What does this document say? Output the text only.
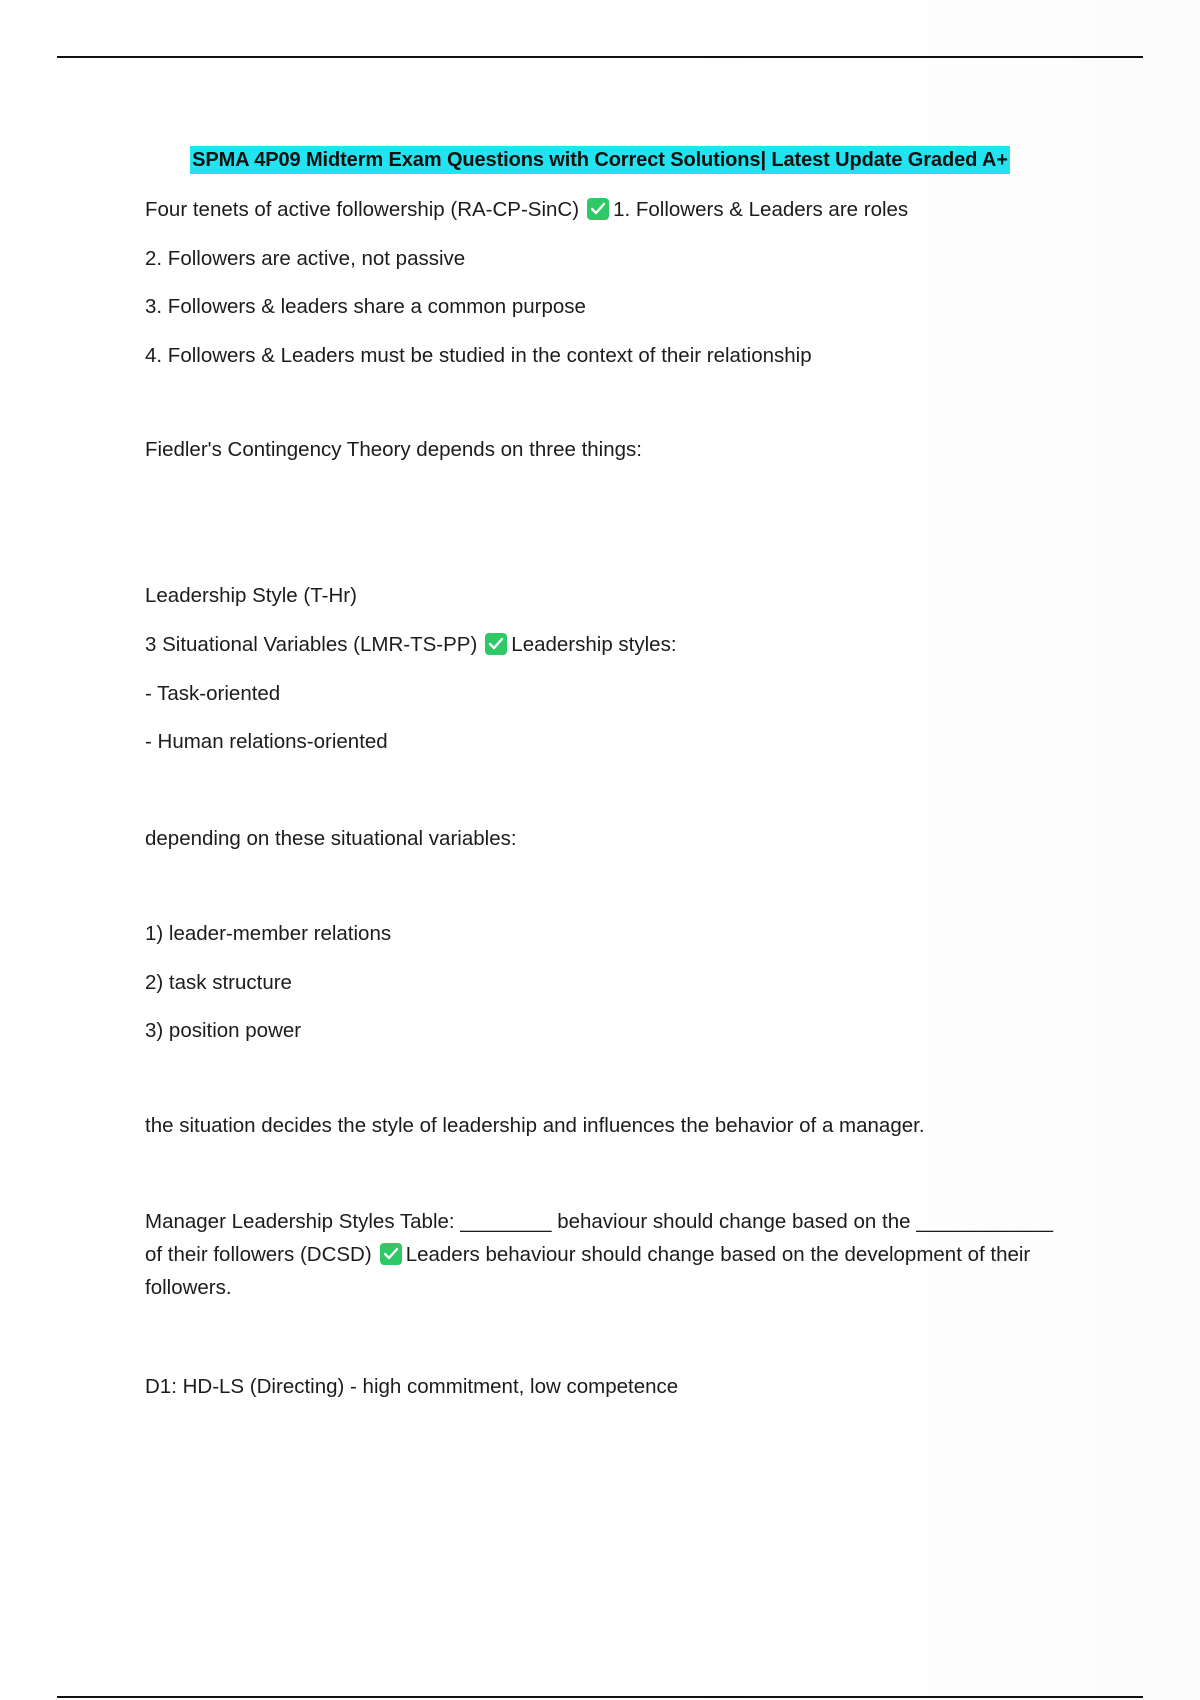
SPMA 4P09 Midterm Exam Questions with Correct Solutions| Latest Update Graded A+
Four tenets of active followership (RA-CP-SinC) 1. Followers & Leaders are roles
2. Followers are active, not passive
3. Followers & leaders share a common purpose
4. Followers & Leaders must be studied in the context of their relationship
Fiedler's Contingency Theory depends on three things:
Leadership Style (T-Hr)
3 Situational Variables (LMR-TS-PP) Leadership styles:
- Task-oriented
- Human relations-oriented
depending on these situational variables:
1) leader-member relations
2) task structure
3) position power
the situation decides the style of leadership and influences the behavior of a manager.
Manager Leadership Styles Table: ________ behaviour should change based on the ____________
of their followers (DCSD) Leaders behaviour should change based on the development of their followers.
D1: HD-LS (Directing) - high commitment, low competence
